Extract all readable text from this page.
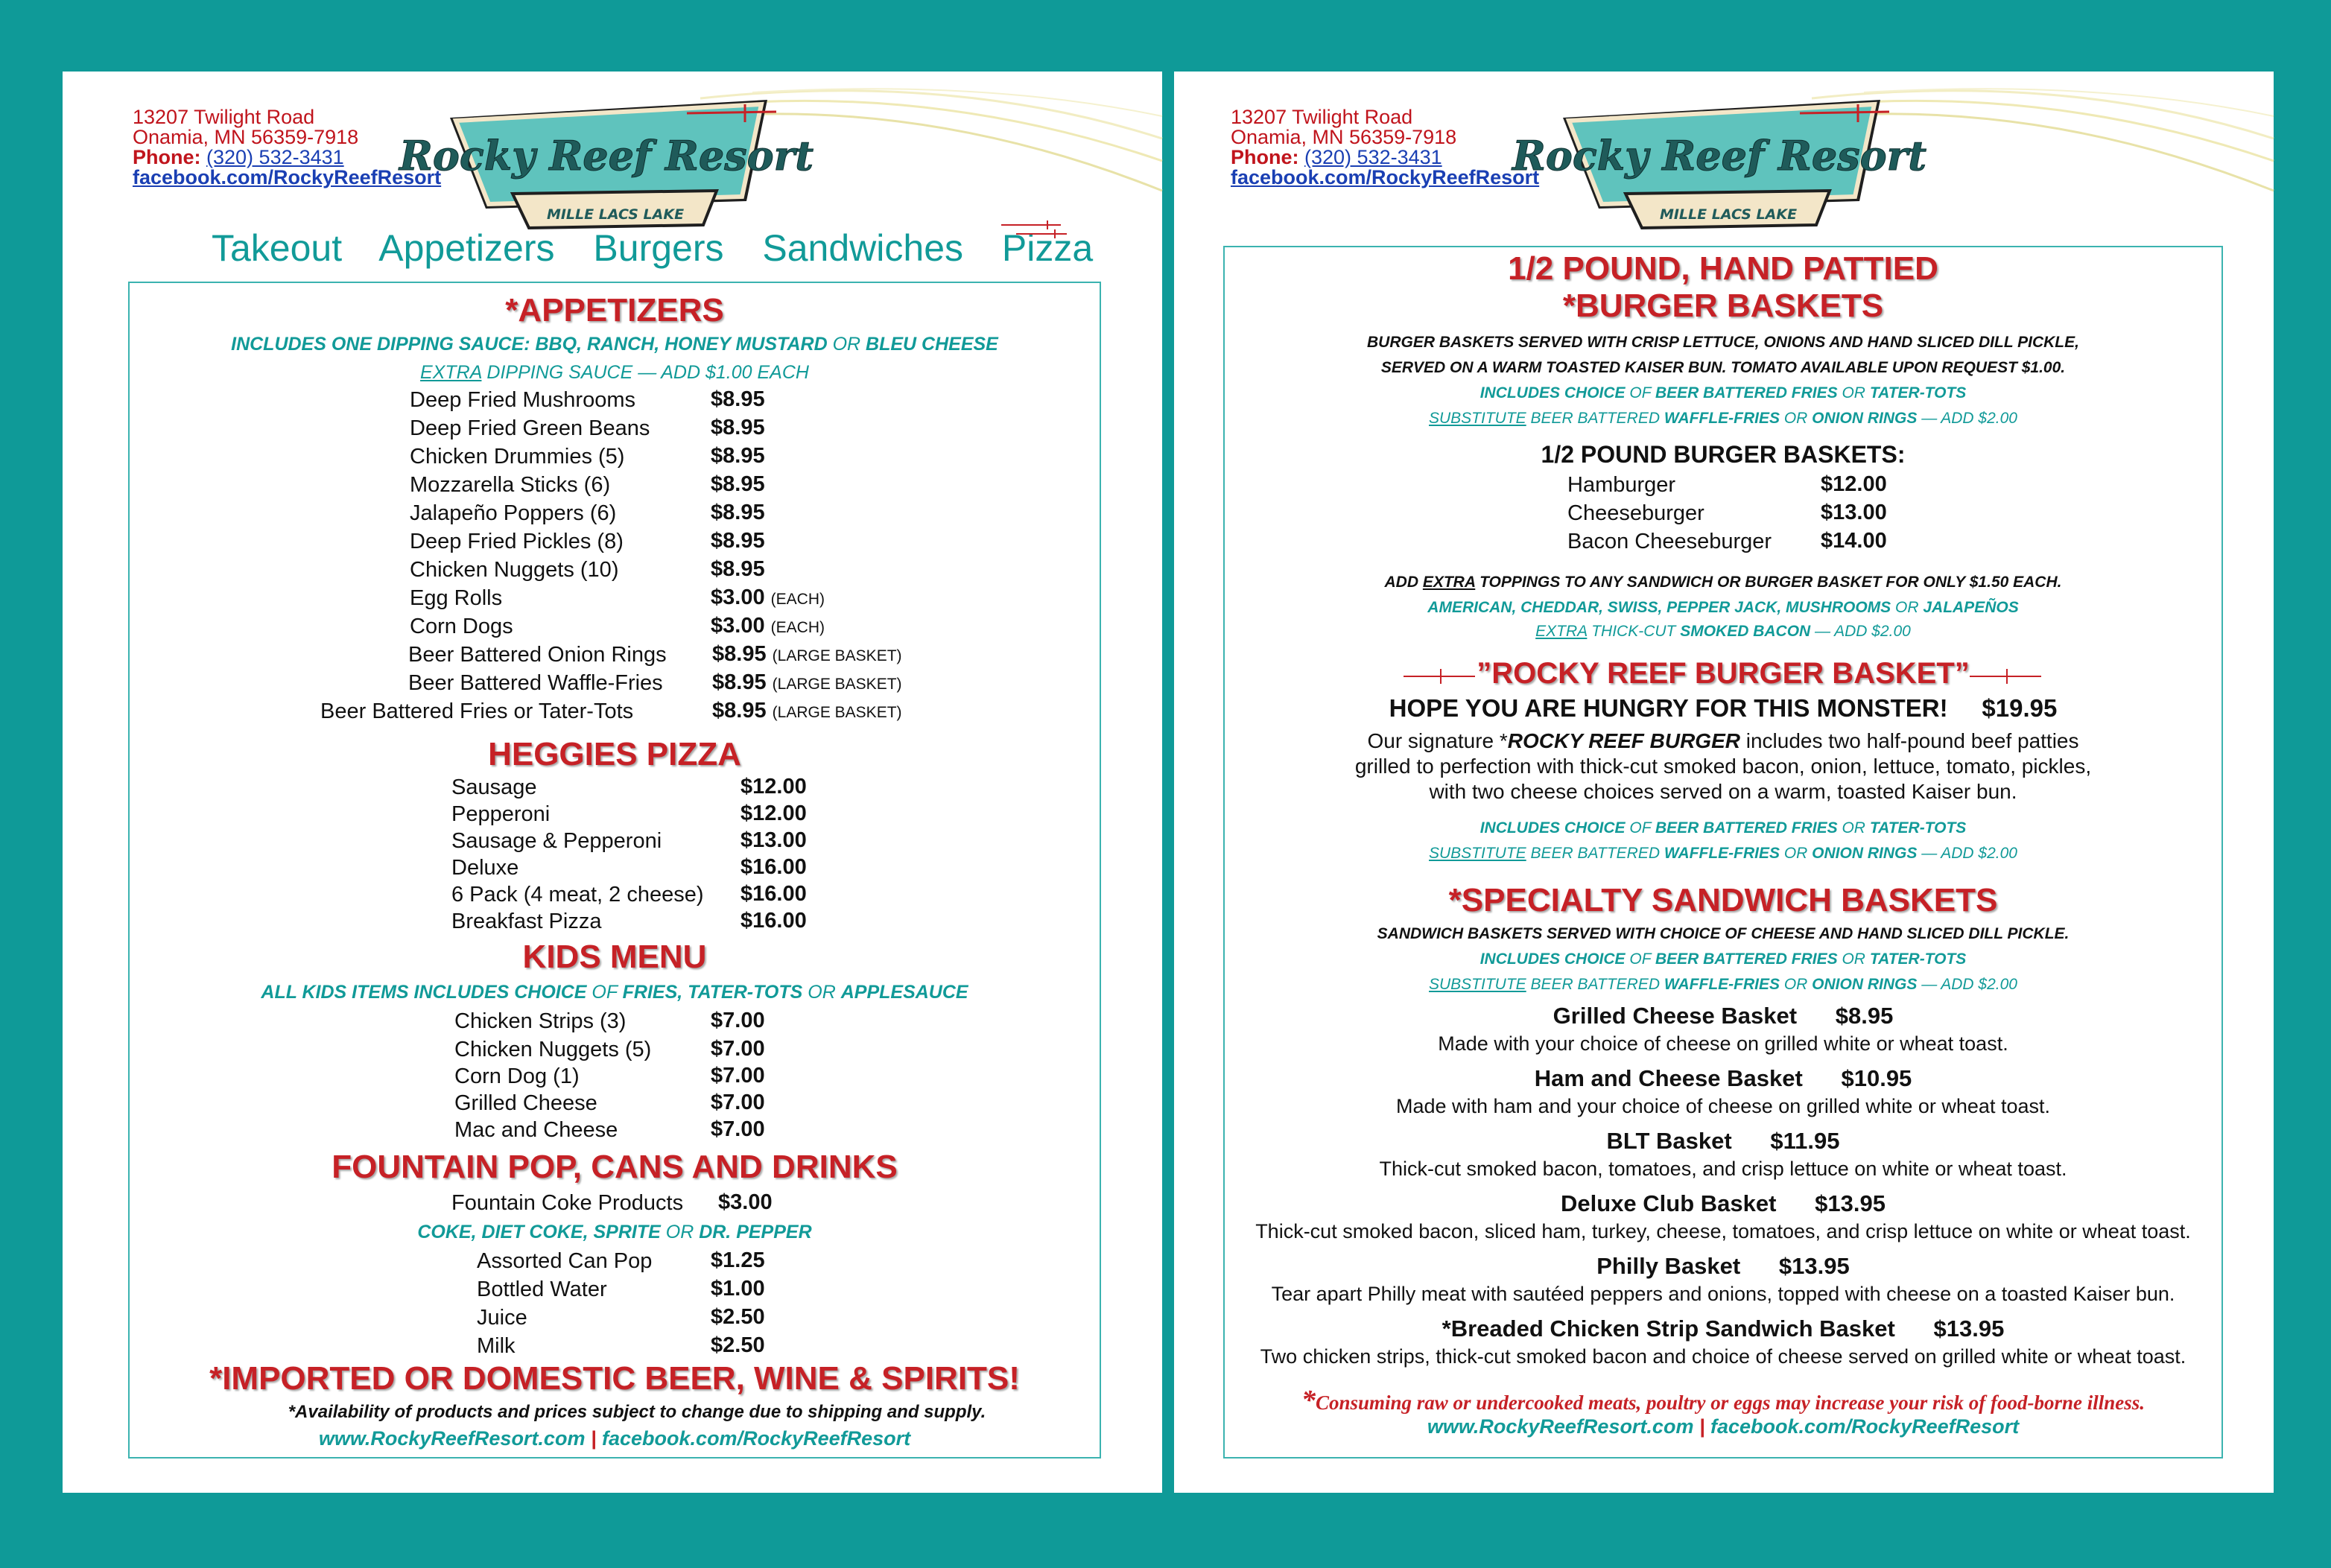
13207 Twilight Road
Onamia, MN 56359-7918
Phone: (320) 532-3431
facebook.com/RockyReefResort
Rocky Reef Resort
MILLE LACS LAKE
Takeout Appetizers Burgers Sandwiches Pizza
*APPETIZERS
INCLUDES ONE DIPPING SAUCE: BBQ, RANCH, HONEY MUSTARD OR BLEU CHEESE
EXTRA DIPPING SAUCE — ADD $1.00 EACH
Deep Fried Mushrooms	$8.95
Deep Fried Green Beans	$8.95
Chicken Drummies (5)	$8.95
Mozzarella Sticks (6)	$8.95
Jalapeño Poppers (6)	$8.95
Deep Fried Pickles (8)	$8.95
Chicken Nuggets (10)	$8.95
Egg Rolls	$3.00 (EACH)
Corn Dogs	$3.00 (EACH)
Beer Battered Onion Rings $8.95 (LARGE BASKET)
Beer Battered Waffle-Fries $8.95 (LARGE BASKET)
Beer Battered Fries or Tater-Tots	$8.95 (LARGE BASKET)
HEGGIES PIZZA
Sausage	$12.00
Pepperoni	$12.00
Sausage & Pepperoni	$13.00
Deluxe	$16.00
6 Pack (4 meat, 2 cheese) $16.00
Breakfast Pizza	$16.00
KIDS MENU
ALL KIDS ITEMS INCLUDES CHOICE OF FRIES, TATER-TOTS OR APPLESAUCE
Chicken Strips (3)	$7.00
Chicken Nuggets (5)	$7.00
Corn Dog (1)	$7.00
Grilled Cheese	$7.00
Mac and Cheese	$7.00
FOUNTAIN POP, CANS AND DRINKS
Fountain Coke Products $3.00
COKE, DIET COKE, SPRITE OR DR. PEPPER
Assorted Can Pop	$1.25
Bottled Water	$1.00
Juice	$2.50
Milk	$2.50
*IMPORTED OR DOMESTIC BEER, WINE & SPIRITS!
*Availability of products and prices subject to change due to shipping and supply.
www.RockyReefResort.com | facebook.com/RockyReefResort
13207 Twilight Road
Onamia, MN 56359-7918
Phone: (320) 532-3431
facebook.com/RockyReefResort
Rocky Reef Resort
MILLE LACS LAKE
1/2 POUND, HAND PATTIED
*BURGER BASKETS
BURGER BASKETS SERVED WITH CRISP LETTUCE, ONIONS AND HAND SLICED DILL PICKLE,
SERVED ON A WARM TOASTED KAISER BUN. TOMATO AVAILABLE UPON REQUEST $1.00.
INCLUDES CHOICE OF BEER BATTERED FRIES OR TATER-TOTS
SUBSTITUTE BEER BATTERED WAFFLE-FRIES OR ONION RINGS — ADD $2.00
1/2 POUND BURGER BASKETS:
Hamburger	$12.00
Cheeseburger	$13.00
Bacon Cheeseburger $14.00
ADD EXTRA TOPPINGS TO ANY SANDWICH OR BURGER BASKET FOR ONLY $1.50 EACH.
AMERICAN, CHEDDAR, SWISS, PEPPER JACK, MUSHROOMS OR JALAPEÑOS
EXTRA THICK-CUT SMOKED BACON — ADD $2.00
”ROCKY REEF BURGER BASKET”
HOPE YOU ARE HUNGRY FOR THIS MONSTER! $19.95
Our signature *ROCKY REEF BURGER includes two half-pound beef patties
grilled to perfection with thick-cut smoked bacon, onion, lettuce, tomato, pickles,
with two cheese choices served on a warm, toasted Kaiser bun.
INCLUDES CHOICE OF BEER BATTERED FRIES OR TATER-TOTS
SUBSTITUTE BEER BATTERED WAFFLE-FRIES OR ONION RINGS — ADD $2.00
*SPECIALTY SANDWICH BASKETS
SANDWICH BASKETS SERVED WITH CHOICE OF CHEESE AND HAND SLICED DILL PICKLE.
INCLUDES CHOICE OF BEER BATTERED FRIES OR TATER-TOTS
SUBSTITUTE BEER BATTERED WAFFLE-FRIES OR ONION RINGS — ADD $2.00
Grilled Cheese Basket $8.95
Made with your choice of cheese on grilled white or wheat toast.
Ham and Cheese Basket $10.95
Made with ham and your choice of cheese on grilled white or wheat toast.
BLT Basket $11.95
Thick-cut smoked bacon, tomatoes, and crisp lettuce on white or wheat toast.
Deluxe Club Basket $13.95
Thick-cut smoked bacon, sliced ham, turkey, cheese, tomatoes, and crisp lettuce on white or wheat toast.
Philly Basket $13.95
Tear apart Philly meat with sautéed peppers and onions, topped with cheese on a toasted Kaiser bun.
*Breaded Chicken Strip Sandwich Basket $13.95
Two chicken strips, thick-cut smoked bacon and choice of cheese served on grilled white or wheat toast.
*Consuming raw or undercooked meats, poultry or eggs may increase your risk of food-borne illness.
www.RockyReefResort.com | facebook.com/RockyReefResort
